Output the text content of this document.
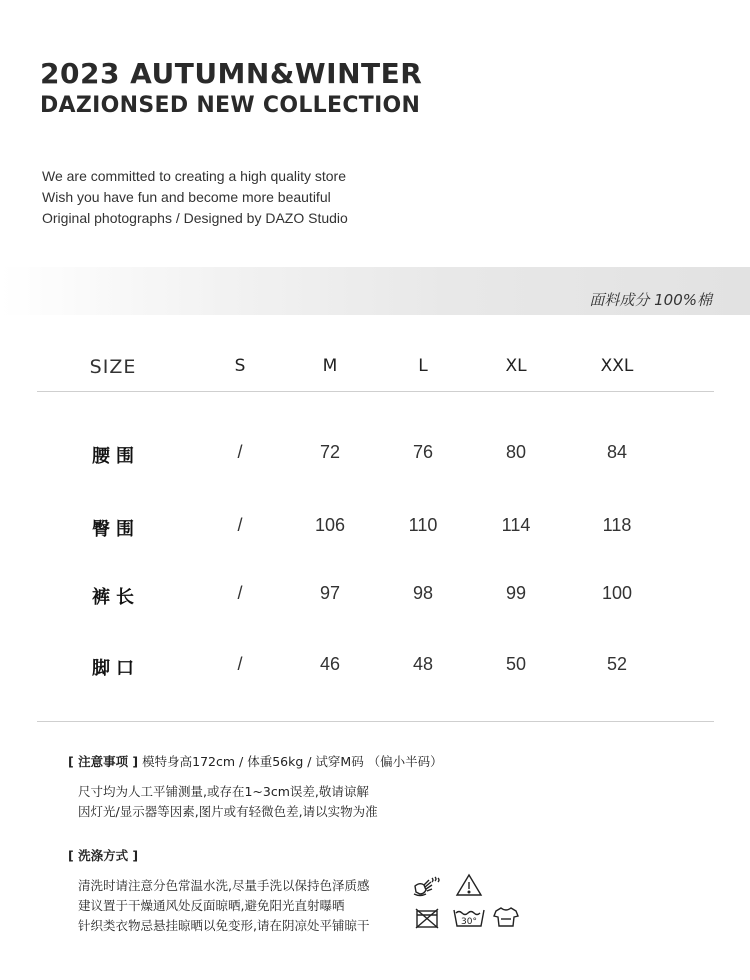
2023 AUTUMN&WINTER
DAZIONSED NEW COLLECTION
We are committed to creating a high quality store
Wish you have fun and become more beautiful
Original photographs / Designed by DAZO Studio
面料成分 100%棉
SIZE	S	M	L	XL	XXL
腰围	/	72	76	80	84
臀围	/	106	110	114	118
裤长	/	97	98	99	100
脚口	/	46	48	50	52
[ 注意事项 ] 模特身高172cm / 体重56kg / 试穿M码 （偏小半码）
尺寸均为人工平铺测量,或存在1~3cm误差,敬请谅解
因灯光/显示器等因素,图片或有轻微色差,请以实物为准
[ 洗涤方式 ]
清洗时请注意分色常温水洗,尽量手洗以保持色泽质感
建议置于干燥通风处反面晾晒,避免阳光直射曝晒
针织类衣物忌悬挂晾晒以免变形,请在阴凉处平铺晾干	30°
